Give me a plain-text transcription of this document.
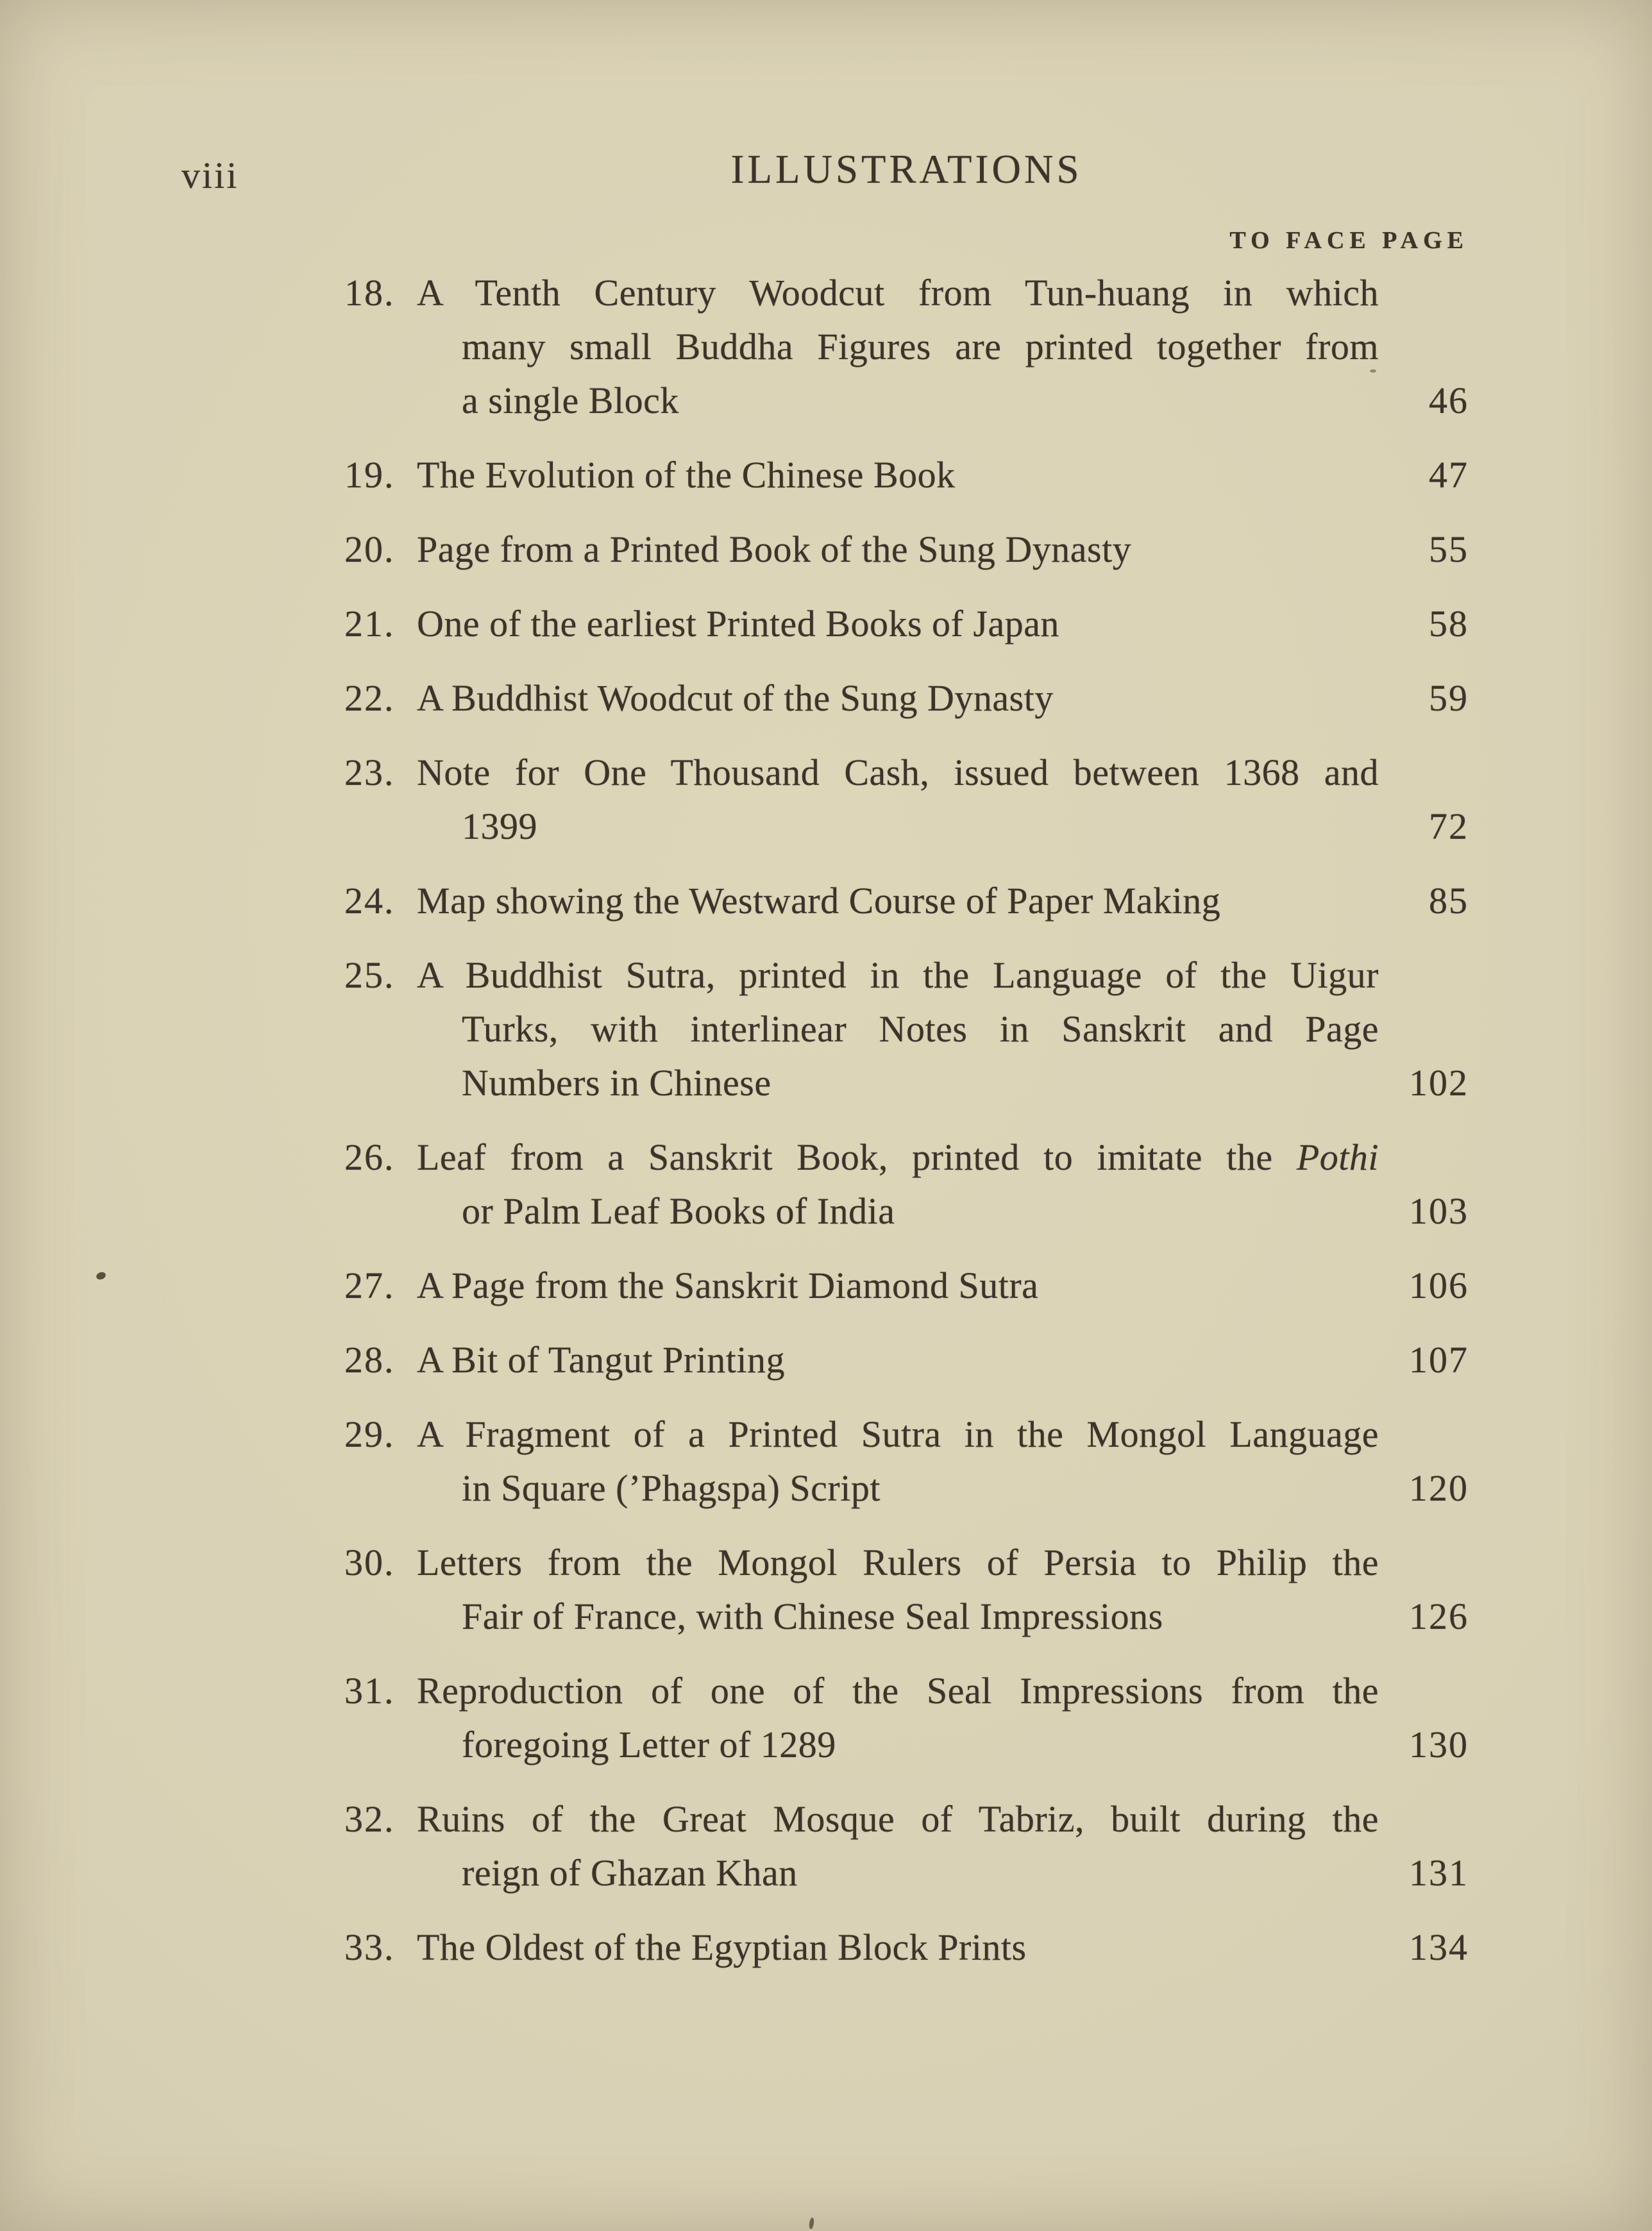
viii	ILLUSTRATIONS
TO FACE PAGE
18. A Tenth Century Woodcut from Tun-huang in which
many small Buddha Figures are printed together from
a single Block	46
19. The Evolution of the Chinese Book	47
20. Page from a Printed Book of the Sung Dynasty	55
21. One of the earliest Printed Books of Japan	58
22. A Buddhist Woodcut of the Sung Dynasty	59
23. Note for One Thousand Cash, issued between 1368 and
1399	72
24. Map showing the Westward Course of Paper Making	85
25. A Buddhist Sutra, printed in the Language of the Uigur
Turks, with interlinear Notes in Sanskrit and Page
Numbers in Chinese	102
26. Leaf from a Sanskrit Book, printed to imitate the Pothi
or Palm Leaf Books of India	103
27. A Page from the Sanskrit Diamond Sutra	106
28. A Bit of Tangut Printing	107
29. A Fragment of a Printed Sutra in the Mongol Language
in Square (’Phagspa) Script	120
30. Letters from the Mongol Rulers of Persia to Philip the
Fair of France, with Chinese Seal Impressions	126
31. Reproduction of one of the Seal Impressions from the
foregoing Letter of 1289	130
32. Ruins of the Great Mosque of Tabriz, built during the
reign of Ghazan Khan	131
33. The Oldest of the Egyptian Block Prints	134
